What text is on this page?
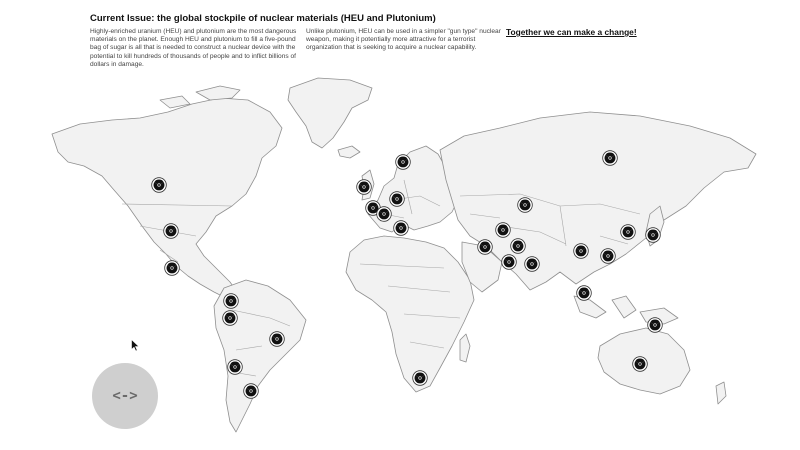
Current Issue: the global stockpile of nuclear materials (HEU and Plutonium)
Highly-enriched uranium (HEU) and plutonium are the most dangerous materials on the planet. Enough HEU and plutonium to fill a five-pound bag of sugar is all that is needed to construct a nuclear device with the potential to kill hundreds of thousands of people and to inflict billions of dollars in damage.
Unlike plutonium, HEU can be used in a simpler "gun type" nuclear weapon, making it potentially more attractive for a terrorist organization that is seeking to acquire a nuclear capability.
Together we can make a change!
<->
